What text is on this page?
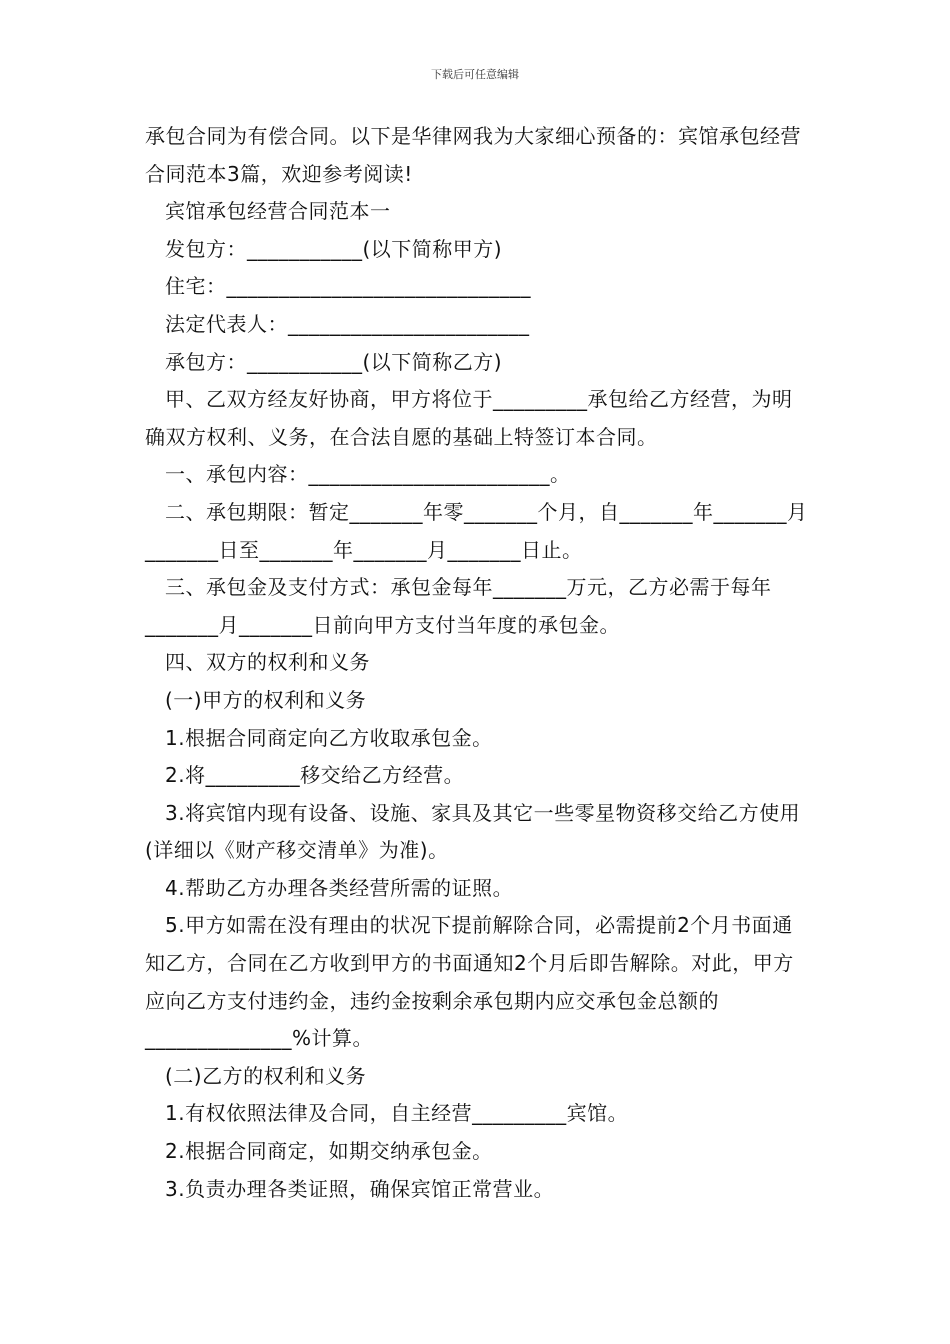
下载后可任意编辑

承包合同为有偿合同。以下是华律网我为大家细心预备的：宾馆承包经营合同范本3篇，欢迎参考阅读!

宾馆承包经营合同范本一

发包方：___________(以下简称甲方)

住宅：_____________________________

法定代表人：_______________________

承包方：___________(以下简称乙方)

甲、乙双方经友好协商，甲方将位于_________承包给乙方经营，为明确双方权利、义务，在合法自愿的基础上特签订本合同。

一、承包内容：_______________________。

二、承包期限：暂定_______年零_______个月，自_______年_______月_______日至_______年_______月_______日止。

三、承包金及支付方式：承包金每年_______万元，乙方必需于每年_______月_______日前向甲方支付当年度的承包金。

四、双方的权利和义务

(一)甲方的权利和义务

1.根据合同商定向乙方收取承包金。

2.将_________移交给乙方经营。

3.将宾馆内现有设备、设施、家具及其它一些零星物资移交给乙方使用(详细以《财产移交清单》为准)。

4.帮助乙方办理各类经营所需的证照。

5.甲方如需在没有理由的状况下提前解除合同，必需提前2个月书面通知乙方，合同在乙方收到甲方的书面通知2个月后即告解除。对此，甲方应向乙方支付违约金，违约金按剩余承包期内应交承包金总额的______________%计算。

(二)乙方的权利和义务

1.有权依照法律及合同，自主经营_________宾馆。

2.根据合同商定，如期交纳承包金。

3.负责办理各类证照，确保宾馆正常营业。
